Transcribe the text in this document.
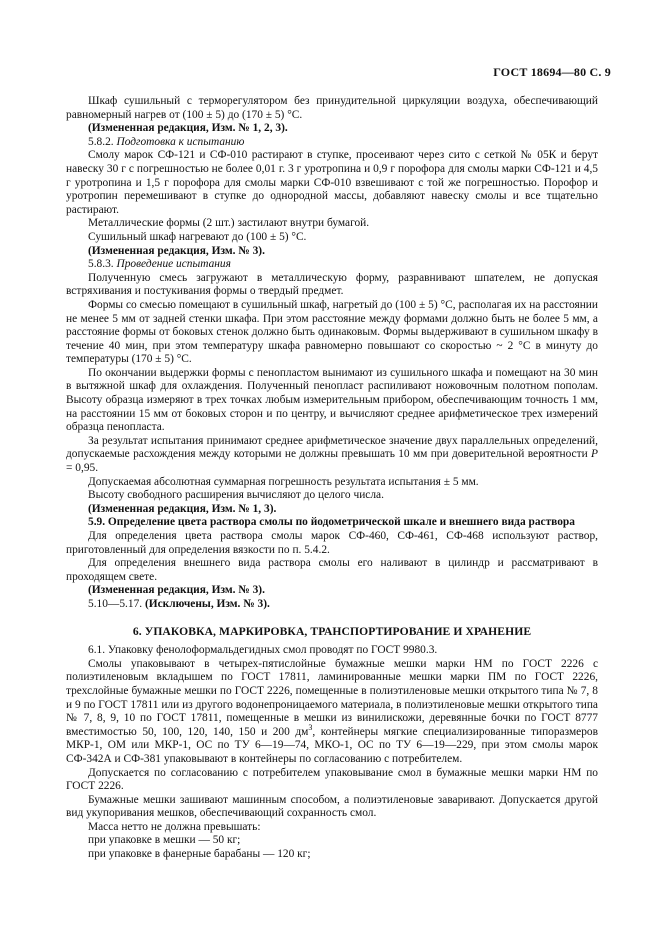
ГОСТ 18694—80 С. 9

Шкаф сушильный с терморегулятором без принудительной циркуляции воздуха, обеспечивающий равномерный нагрев от (100 ± 5) до (170 ± 5) °С.

(Измененная редакция, Изм. № 1, 2, 3).

5.8.2. Подготовка к испытанию

Смолу марок СФ-121 и СФ-010 растирают в ступке, просеивают через сито с сеткой № 05К и берут навеску 30 г с погрешностью не более 0,01 г. 3 г уротропина и 0,9 г порофора для смолы марки СФ-121 и 4,5 г уротропина и 1,5 г порофора для смолы марки СФ-010 взвешивают с той же погрешностью. Порофор и уротропин перемешивают в ступке до однородной массы, добавляют навеску смолы и все тщательно растирают.

Металлические формы (2 шт.) застилают внутри бумагой.

Сушильный шкаф нагревают до (100 ± 5) °С.

(Измененная редакция, Изм. № 3).

5.8.3. Проведение испытания

Полученную смесь загружают в металлическую форму, разравнивают шпателем, не допуская встряхивания и постукивания формы о твердый предмет.

Формы со смесью помещают в сушильный шкаф, нагретый до (100 ± 5) °С, располагая их на расстоянии не менее 5 мм от задней стенки шкафа. При этом расстояние между формами должно быть не более 5 мм, а расстояние формы от боковых стенок должно быть одинаковым. Формы выдерживают в сушильном шкафу в течение 40 мин, при этом температуру шкафа равномерно повышают со скоростью ~ 2 °С в минуту до температуры (170 ± 5) °С.

По окончании выдержки формы с пенопластом вынимают из сушильного шкафа и помещают на 30 мин в вытяжной шкаф для охлаждения. Полученный пенопласт распиливают ножовочным полотном пополам. Высоту образца измеряют в трех точках любым измерительным прибором, обеспечивающим точность 1 мм, на расстоянии 15 мм от боковых сторон и по центру, и вычисляют среднее арифметическое трех измерений образца пенопласта.

За результат испытания принимают среднее арифметическое значение двух параллельных определений, допускаемые расхождения между которыми не должны превышать 10 мм при доверительной вероятности P = 0,95.

Допускаемая абсолютная суммарная погрешность результата испытания ± 5 мм.

Высоту свободного расширения вычисляют до целого числа.

(Измененная редакция, Изм. № 1, 3).

5.9. Определение цвета раствора смолы по йодометрической шкале и внешнего вида раствора

Для определения цвета раствора смолы марок СФ-460, СФ-461, СФ-468 используют раствор, приготовленный для определения вязкости по п. 5.4.2.

Для определения внешнего вида раствора смолы его наливают в цилиндр и рассматривают в проходящем свете.

(Измененная редакция, Изм. № 3).

5.10—5.17. (Исключены, Изм. № 3).

6. УПАКОВКА, МАРКИРОВКА, ТРАНСПОРТИРОВАНИЕ И ХРАНЕНИЕ

6.1. Упаковку фенолоформальдегидных смол проводят по ГОСТ 9980.3.

Смолы упаковывают в четырех-пятислойные бумажные мешки марки НМ по ГОСТ 2226 с полиэтиленовым вкладышем по ГОСТ 17811, ламинированные мешки марки ПМ по ГОСТ 2226, трехслойные бумажные мешки по ГОСТ 2226, помещенные в полиэтиленовые мешки открытого типа № 7, 8 и 9 по ГОСТ 17811 или из другого водонепроницаемого материала, в полиэтиленовые мешки открытого типа № 7, 8, 9, 10 по ГОСТ 17811, помещенные в мешки из винилискожи, деревянные бочки по ГОСТ 8777 вместимостью 50, 100, 120, 140, 150 и 200 $дм^3$, контейнеры мягкие специализированные типоразмеров МКР-1, ОМ или МКР-1, ОС по ТУ 6—19—74, МКО-1, ОС по ТУ 6—19—229, при этом смолы марок СФ-342А и СФ-381 упаковывают в контейнеры по согласованию с потребителем.

Допускается по согласованию с потребителем упаковывание смол в бумажные мешки марки НМ по ГОСТ 2226.

Бумажные мешки зашивают машинным способом, а полиэтиленовые заваривают. Допускается другой вид укупоривания мешков, обеспечивающий сохранность смол.

Масса нетто не должна превышать:

при упаковке в мешки — 50 кг;

при упаковке в фанерные барабаны — 120 кг;
